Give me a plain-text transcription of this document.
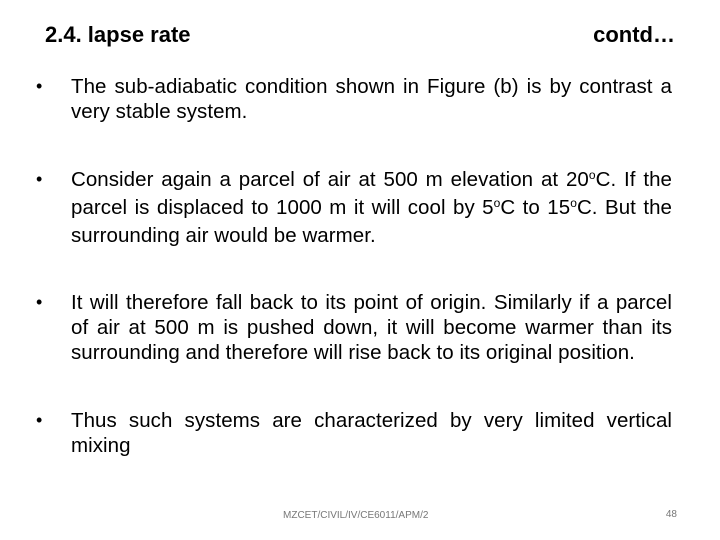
2.4. lapse rate	contd…
•	The sub-adiabatic condition shown in Figure (b) is by contrast a very stable system.
•	Consider again a parcel of air at 500 m elevation at 20$^o$C. If the parcel is displaced to 1000 m it will cool by 5$^o$C to 15$^o$C. But the surrounding air would be warmer.
•	It will therefore fall back to its point of origin. Similarly if a parcel of air at 500 m is pushed down, it will become warmer than its surrounding and therefore will rise back to its original position.
•	Thus such systems are characterized by very limited vertical mixing
MZCET/CIVIL/IV/CE6011/APM/2	48
